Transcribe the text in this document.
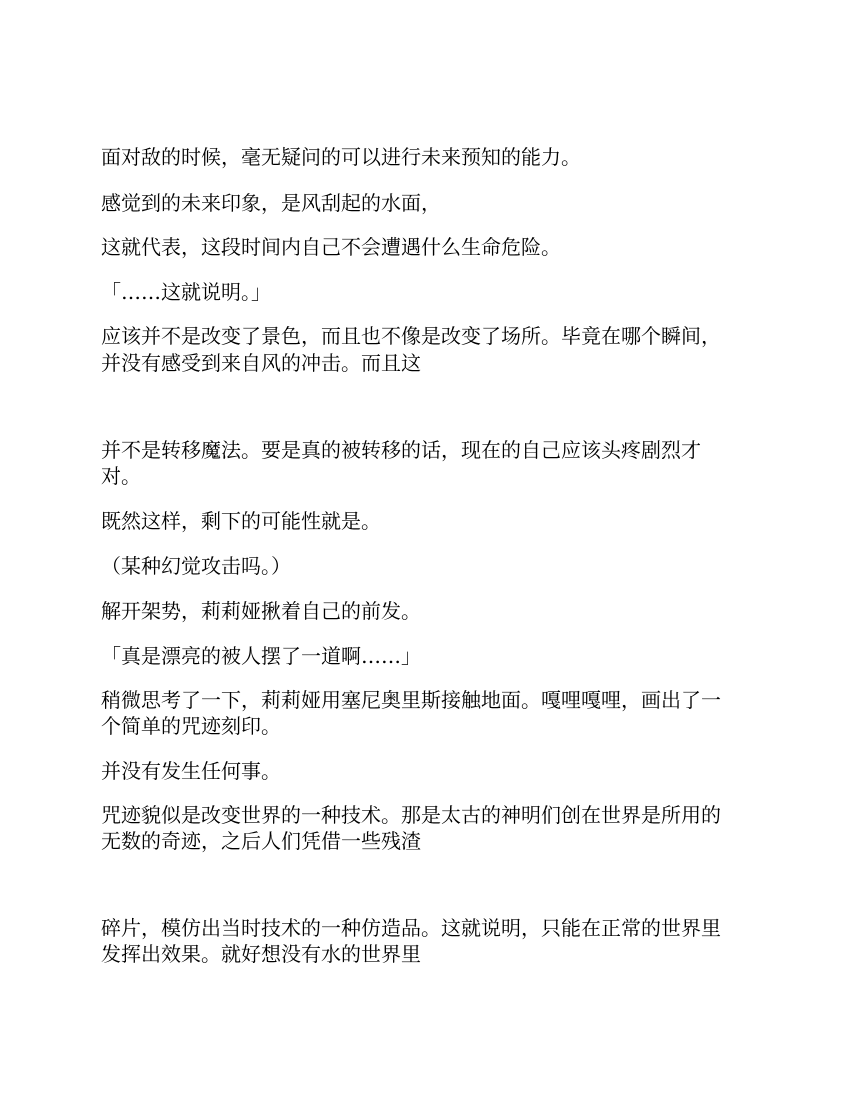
面对敌的时候，毫无疑问的可以进行未来预知的能力。

感觉到的未来印象，是风刮起的水面，

这就代表，这段时间内自己不会遭遇什么生命危险。

「……这就说明。」

应该并不是改变了景色，而且也不像是改变了场所。毕竟在哪个瞬间，

并没有感受到来自风的冲击。而且这

并不是转移魔法。要是真的被转移的话，现在的自己应该头疼剧烈才

对。

既然这样，剩下的可能性就是。

（某种幻觉攻击吗。）

解开架势，莉莉娅揪着自己的前发。

「真是漂亮的被人摆了一道啊……」

稍微思考了一下，莉莉娅用塞尼奥里斯接触地面。嘎哩嘎哩，画出了一

个简单的咒迹刻印。

并没有发生任何事。

咒迹貌似是改变世界的一种技术。那是太古的神明们创在世界是所用的

无数的奇迹，之后人们凭借一些残渣

碎片，模仿出当时技术的一种仿造品。这就说明，只能在正常的世界里

发挥出效果。就好想没有水的世界里
